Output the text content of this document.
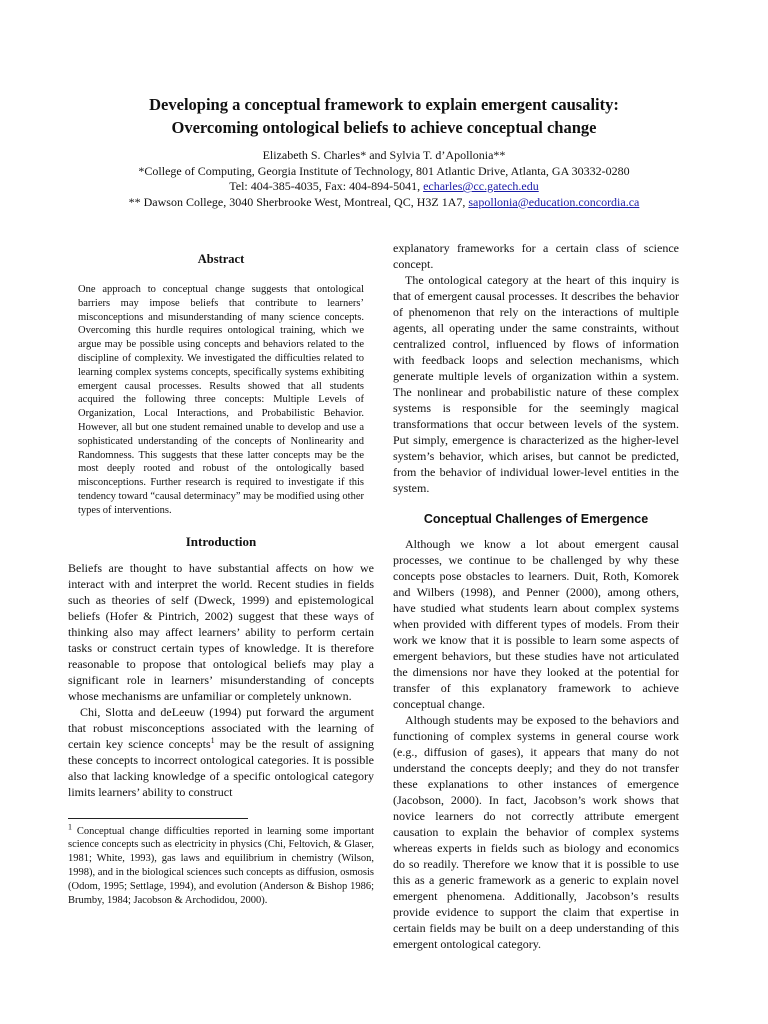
Developing a conceptual framework to explain emergent causality:
Overcoming ontological beliefs to achieve conceptual change
Elizabeth S. Charles* and Sylvia T. d’Apollonia**
*College of Computing, Georgia Institute of Technology, 801 Atlantic Drive, Atlanta, GA 30332-0280
Tel: 404-385-4035, Fax: 404-894-5041, echarles@cc.gatech.edu
** Dawson College, 3040 Sherbrooke West, Montreal, QC, H3Z 1A7, sapollonia@education.concordia.ca
Abstract

One approach to conceptual change suggests that ontological barriers may impose beliefs that contribute to learners’ misconceptions and misunderstanding of many science concepts. Overcoming this hurdle requires ontological training, which we argue may be possible using concepts and behaviors related to the discipline of complexity. We investigated the difficulties related to learning complex systems concepts, specifically systems exhibiting emergent causal processes. Results showed that all students acquired the following three concepts: Multiple Levels of Organization, Local Interactions, and Probabilistic Behavior. However, all but one student remained unable to develop and use a sophisticated understanding of the concepts of Nonlinearity and Randomness. This suggests that these latter concepts may be the most deeply rooted and robust of the ontologically based misconceptions. Further research is required to investigate if this tendency toward “causal determinacy” may be modified using other types of interventions.

Introduction

Beliefs are thought to have substantial affects on how we interact with and interpret the world. Recent studies in fields such as theories of self (Dweck, 1999) and epistemological beliefs (Hofer & Pintrich, 2002) suggest that these ways of thinking also may affect learners’ ability to perform certain tasks or construct certain types of knowledge. It is therefore reasonable to propose that ontological beliefs may play a significant role in learners’ misunderstanding of concepts whose mechanisms are unfamiliar or completely unknown.

Chi, Slotta and deLeeuw (1994) put forward the argument that robust misconceptions associated with the learning of certain key science concepts$^1$ may be the result of assigning these concepts to incorrect ontological categories. It is possible also that lacking knowledge of a specific ontological category limits learners’ ability to construct

$^1$ Conceptual change difficulties reported in learning some important science concepts such as electricity in physics (Chi, Feltovich, & Glaser, 1981; White, 1993), gas laws and equilibrium in chemistry (Wilson, 1998), and in the biological sciences such concepts as diffusion, osmosis (Odom, 1995; Settlage, 1994), and evolution (Anderson & Bishop 1986; Brumby, 1984; Jacobson & Archodidou, 2000).

explanatory frameworks for a certain class of science concept.

The ontological category at the heart of this inquiry is that of emergent causal processes. It describes the behavior of phenomenon that rely on the interactions of multiple agents, all operating under the same constraints, without centralized control, influenced by flows of information with feedback loops and selection mechanisms, which generate multiple levels of organization within a system. The nonlinear and probabilistic nature of these complex systems is responsible for the seemingly magical transformations that occur between levels of the system. Put simply, emergence is characterized as the higher-level system’s behavior, which arises, but cannot be predicted, from the behavior of individual lower-level entities in the system.

Conceptual Challenges of Emergence

Although we know a lot about emergent causal processes, we continue to be challenged by why these concepts pose obstacles to learners. Duit, Roth, Komorek and Wilbers (1998), and Penner (2000), among others, have studied what students learn about complex systems when provided with different types of models. From their work we know that it is possible to learn some aspects of emergent behaviors, but these studies have not articulated the dimensions nor have they looked at the potential for transfer of this explanatory framework to achieve conceptual change.

Although students may be exposed to the behaviors and functioning of complex systems in general course work (e.g., diffusion of gases), it appears that many do not understand the concepts deeply; and they do not transfer these explanations to other instances of emergence (Jacobson, 2000). In fact, Jacobson’s work shows that novice learners do not correctly attribute emergent causation to explain the behavior of complex systems whereas experts in fields such as biology and economics do so readily. Therefore we know that it is possible to use this as a generic framework as a generic to explain novel emergent phenomena. Additionally, Jacobson’s results provide evidence to support the claim that expertise in certain fields may be built on a deep understanding of this emergent ontological category.
